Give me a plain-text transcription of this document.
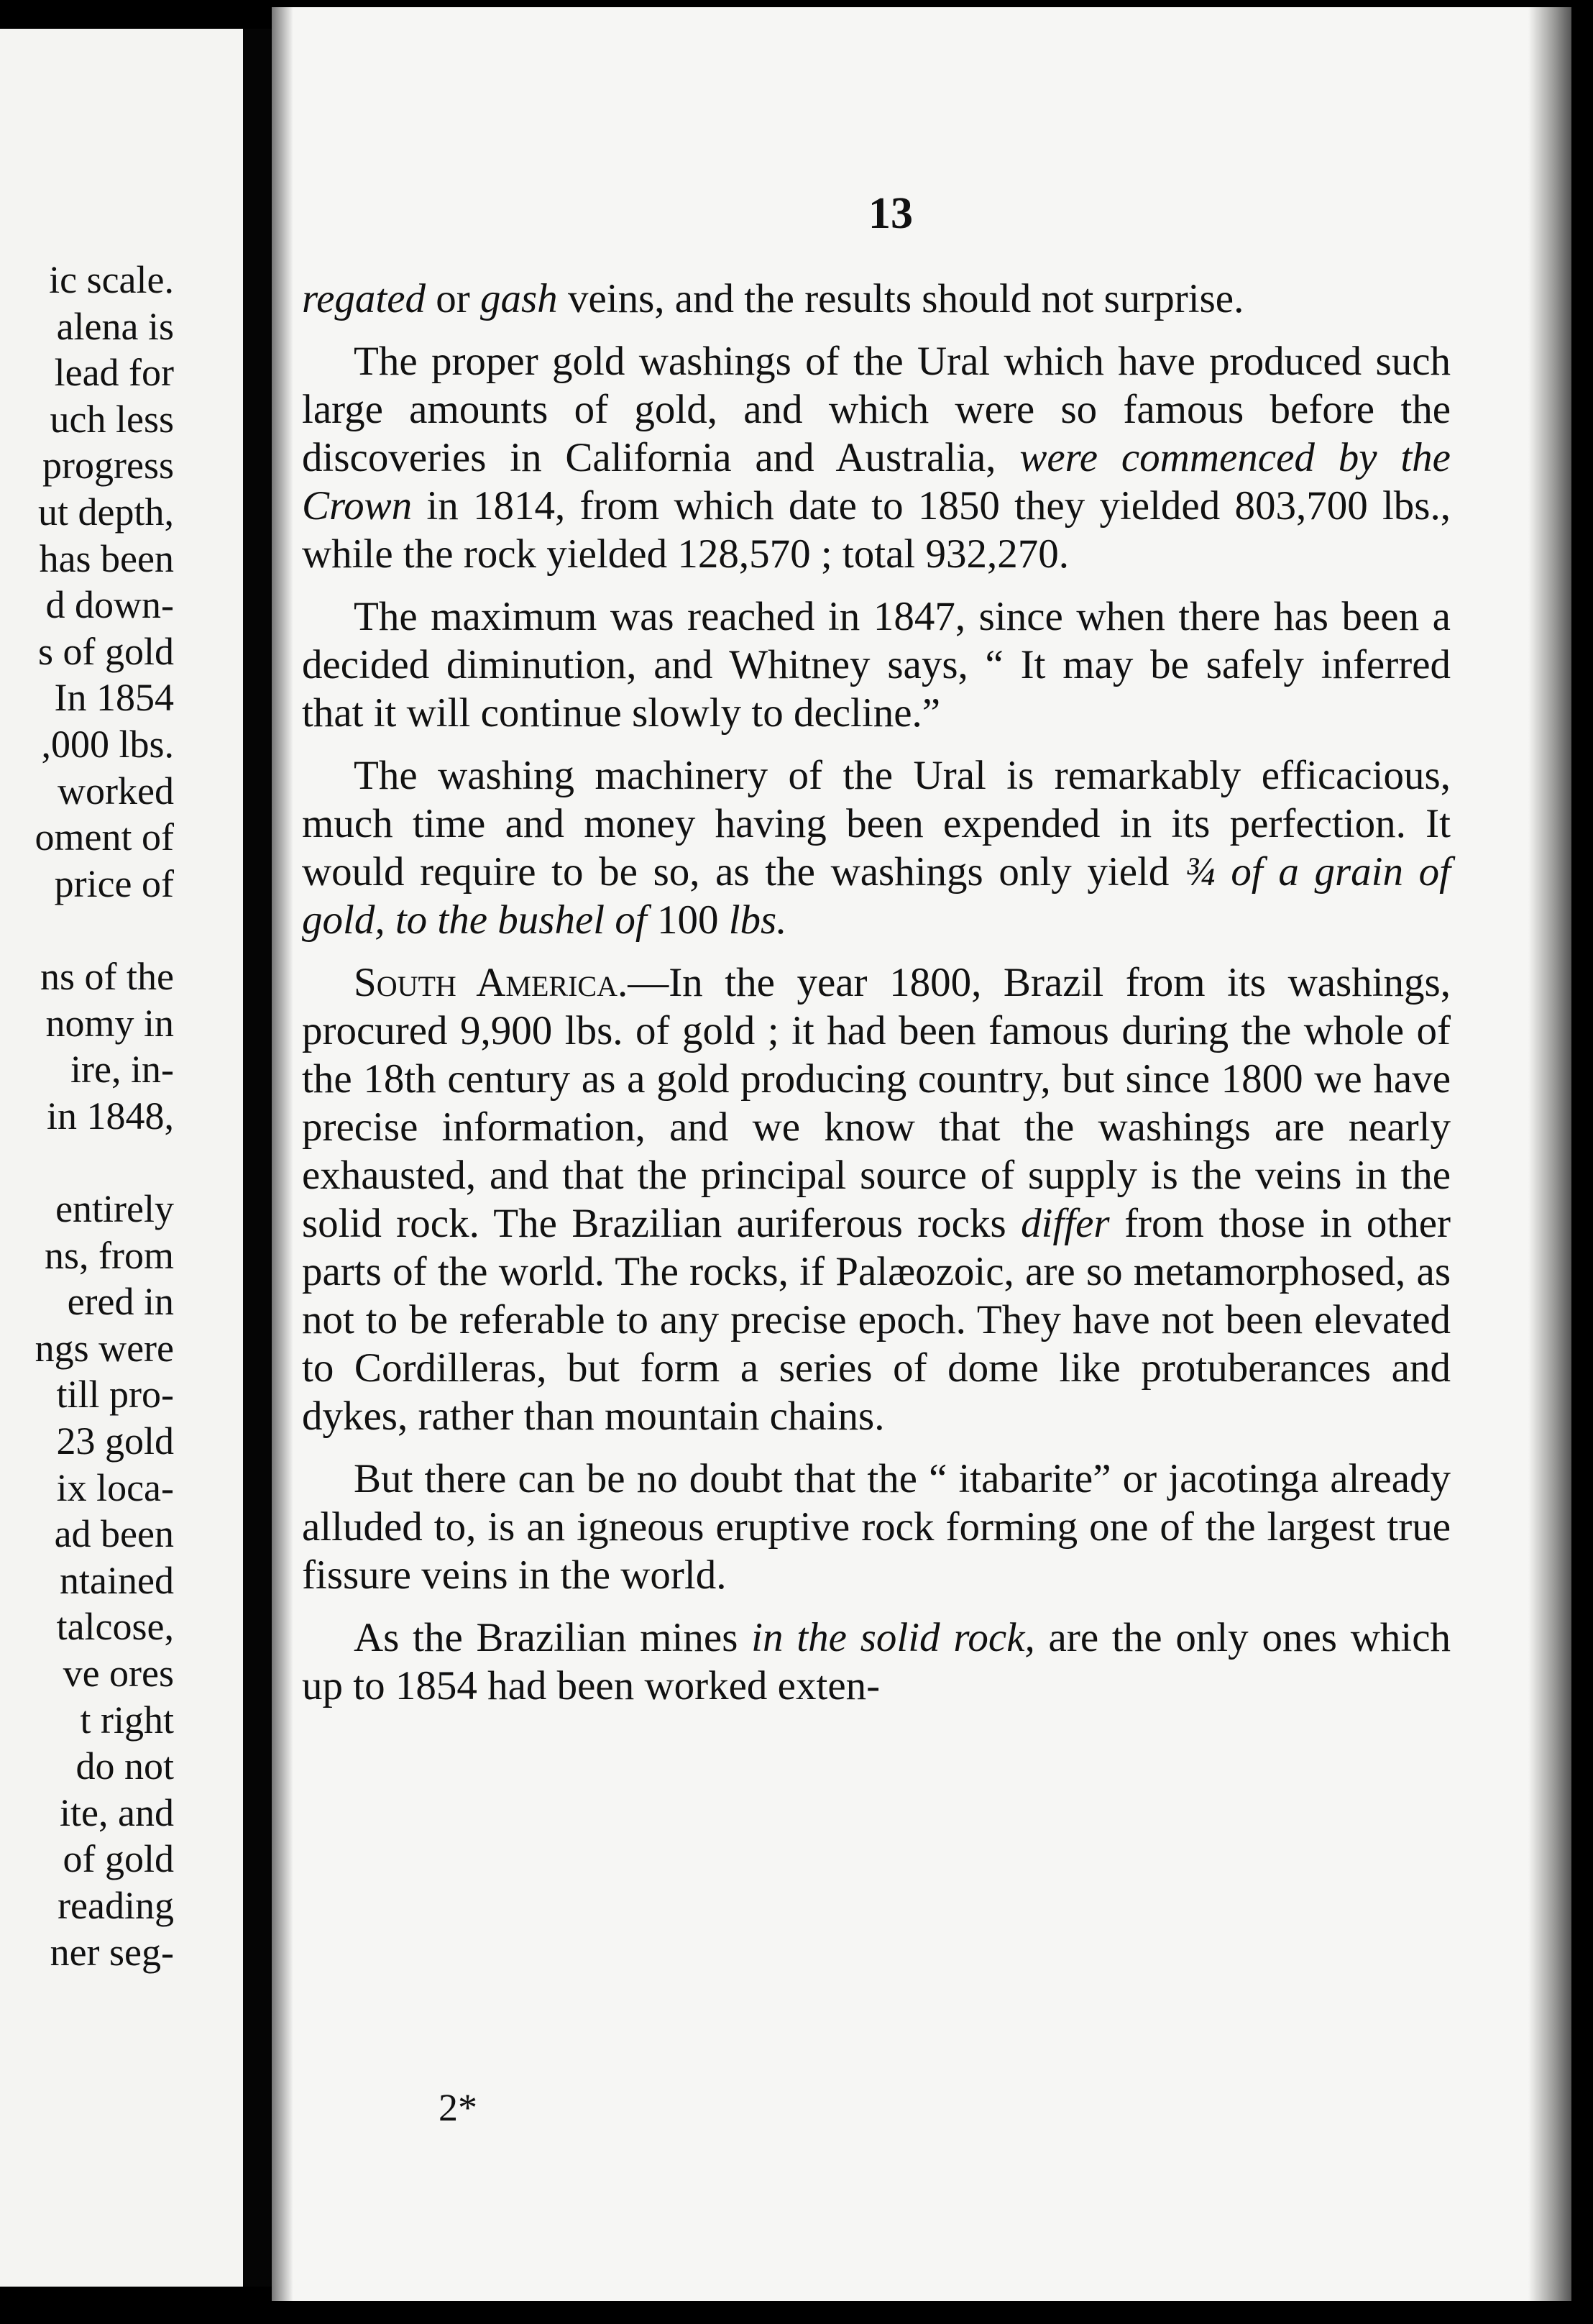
ic scale.
alena is
lead for
uch less
progress
ut depth,
has been
d down-
s of gold
In 1854
,000 lbs.
worked
oment of
price of
ns of the
nomy in
ire, in-
in 1848,
entirely
ns, from
ered in
ngs were
till pro-
23 gold
ix loca-
ad been
ntained
talcose,
ve ores
t right
do not
ite, and
of gold
reading
ner seg-
13

regated or gash veins, and the results should not surprise.

The proper gold washings of the Ural which have produced such large amounts of gold, and which were so famous before the discoveries in California and Australia, were commenced by the Crown in 1814, from which date to 1850 they yielded 803,700 lbs., while the rock yielded 128,570 ; total 932,270.

The maximum was reached in 1847, since when there has been a decided diminution, and Whitney says, “ It may be safely inferred that it will continue slowly to decline.”

The washing machinery of the Ural is remarkably efficacious, much time and money having been expended in its perfection. It would require to be so, as the washings only yield ¾ of a grain of gold, to the bushel of 100 lbs.

South America.—In the year 1800, Brazil from its washings, procured 9,900 lbs. of gold ; it had been famous during the whole of the 18th century as a gold producing country, but since 1800 we have precise information, and we know that the washings are nearly exhausted, and that the principal source of supply is the veins in the solid rock. The Brazilian auriferous rocks differ from those in other parts of the world. The rocks, if Palæozoic, are so metamorphosed, as not to be referable to any precise epoch. They have not been elevated to Cordilleras, but form a series of dome like protuberances and dykes, rather than mountain chains.

But there can be no doubt that the “ itabarite” or jacotinga already alluded to, is an igneous eruptive rock forming one of the largest true fissure veins in the world.

As the Brazilian mines in the solid rock, are the only ones which up to 1854 had been worked exten-

2*
